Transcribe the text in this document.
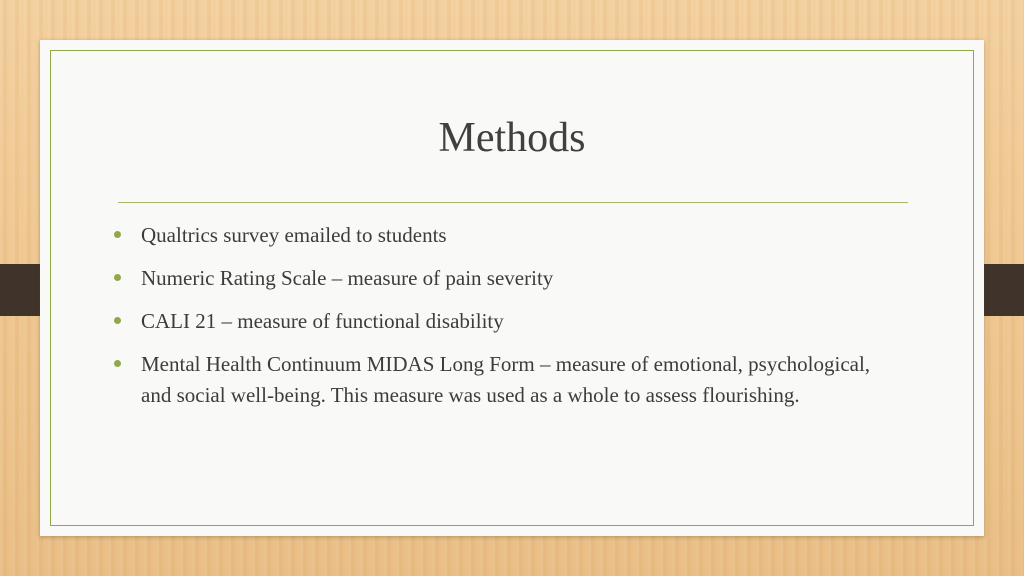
Methods
Qualtrics survey emailed to students
Numeric Rating Scale – measure of pain severity
CALI 21 – measure of functional disability
Mental Health Continuum MIDAS Long Form – measure of emotional, psychological, and social well-being. This measure was used as a whole to assess flourishing.
